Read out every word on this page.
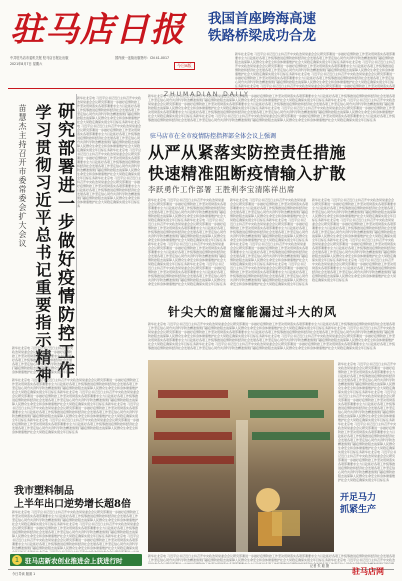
驻马店日报
ZHUMADIAN DAILY
我国首座跨海高速
铁路桥梁成功合龙
中共驻马店市委机关报 驻马店日报社出版
2021年8月7日 星期六
国内统一连续出版物号：CN 41-0017
今日8版
新华社北京电 习近平总书记近日主持召开中央政治局常委会会议研究部署进一步做好疫情防控工作坚决贯彻落实各项部署要求全力以赴抓好各项工作统筹推进疫情防控和经济社会发展各项工作坚定信心同舟共济科学防治精准施策打赢疫情防控阻击战保障人民群众生命安全和身体健康维护社会大局稳定确保实现全年目标任务新华社北京电 习近平总书记近日主持召开中央政治局常委会会议研究部署进一步做好疫情防控工作坚决贯彻落实各项部署要求全力以赴抓好各项工作统筹推进疫情防控和经济社会发展各项工作坚定信心同舟共济科学防治精准施策打赢疫情防控阻击战保障人民群众生命安全和身体健康维护社会大局稳定确保实现全年目标任务新华社北京电 习近平总书记近日主持召开中央政治局常委会会议研究部署进一步做好疫情防控工作坚决贯彻落实各项部署要求全力以赴抓好各项工作统筹推进疫情防控和经济社会发展各项工作坚定信心同舟共济科学防治精准施策打赢疫情防控阻击战保障人民群众生命安全和身体健康维护社会大局稳定确保实现全年目标任务新华社北京电 习近平总书记近日主持召开中央政治局常委会会议研究部署进一步做好疫情防控工作坚决贯彻落实各项部署要求全力以赴抓好各项工作统筹推进疫情防控和经济社会发展各项工作坚定信心同舟共济科学防治精准施策打赢疫情防控阻击战保障人民群众生命安全和身体健康维护社会大局稳定确保实现全年目标任务
研究部署进一步做好疫情防控工作
学习贯彻习近平总书记重要指示精神
苗慧杰主持召开市委常委会扩大会议
新华社北京电 习近平总书记近日主持召开中央政治局常委会会议研究部署进一步做好疫情防控工作坚决贯彻落实各项部署要求全力以赴抓好各项工作统筹推进疫情防控和经济社会发展各项工作坚定信心同舟共济科学防治精准施策打赢疫情防控阻击战保障人民群众生命安全和身体健康维护社会大局稳定确保实现全年目标任务新华社北京电 习近平总书记近日主持召开中央政治局常委会会议研究部署进一步做好疫情防控工作坚决贯彻落实各项部署要求全力以赴抓好各项工作统筹推进疫情防控和经济社会发展各项工作坚定信心同舟共济科学防治精准施策打赢疫情防控阻击战保障人民群众生命安全和身体健康维护社会大局稳定确保实现全年目标任务新华社北京电 习近平总书记近日主持召开中央政治局常委会会议研究部署进一步做好疫情防控工作坚决贯彻落实各项部署要求全力以赴抓好各项工作统筹推进疫情防控和经济社会发展各项工作坚定信心同舟共济科学防治精准施策打赢疫情防控阻击战保障人民群众生命安全和身体健康维护社会大局稳定确保实现全年目标任务新华社北京电 习近平总书记近日主持召开中央政治局常委会会议研究部署进一步做好疫情防控工作坚决贯彻落实各项部署要求全力以赴抓好各项工作统筹推进疫情防控和经济社会发展各项工作坚定信心同舟共济科学防治精准施策打赢疫情防控阻击战保障人民群众生命安全和身体健康维护社会大局稳定确保实现全年目标任务
新华社北京电 习近平总书记近日主持召开中央政治局常委会会议研究部署进一步做好疫情防控工作坚决贯彻落实各项部署要求全力以赴抓好各项工作统筹推进疫情防控和经济社会发展各项工作坚定信心同舟共济科学防治精准施策打赢疫情防控阻击战保障人民群众生命安全和身体健康维护社会大局稳定确保实现全年目标任务新华社北京电 习近平总书记近日主持召开中央政治局常委会会议研究部署进一步做好疫情防控工作坚决贯彻落实各项部署要求全力以赴抓好各项工作统筹推进疫情防控和经济社会发展各项工作坚定信心同舟共济科学防治精准施策打赢疫情防控阻击战保障人民群众生命安全和身体健康维护社会大局稳定确保实现全年目标任务新华社北京电 习近平总书记近日主持召开中央政治局常委会会议研究部署进一步做好疫情防控工作坚决贯彻落实各项部署要求全力以赴抓好各项工作统筹推进疫情防控和经济社会发展各项工作坚定信心同舟共济科学防治精准施策打赢疫情防控阻击战保障人民群众生命安全和身体健康维护社会大局稳定确保实现全年目标任务新华社北京电 习近平总书记近日主持召开中央政治局常委会会议研究部署进一步做好疫情防控工作坚决贯彻落实各项部署要求全力以赴抓好各项工作统筹推进疫情防控和经济社会发展各项工作坚定信心同舟共济科学防治精准施策打赢疫情防控阻击战保障人民群众生命安全和身体健康维护社会大局稳定确保实现全年目标任务
新华社北京电 习近平总书记近日主持召开中央政治局常委会会议研究部署进一步做好疫情防控工作坚决贯彻落实各项部署要求全力以赴抓好各项工作统筹推进疫情防控和经济社会发展各项工作坚定信心同舟共济科学防治精准施策打赢疫情防控阻击战保障人民群众生命安全和身体健康维护社会大局稳定确保实现全年目标任务新华社北京电 习近平总书记近日主持召开中央政治局常委会会议研究部署进一步做好疫情防控工作坚决贯彻落实各项部署要求全力以赴抓好各项工作统筹推进疫情防控和经济社会发展各项工作坚定信心同舟共济科学防治精准施策打赢疫情防控阻击战保障人民群众生命安全和身体健康维护社会大局稳定确保实现全年目标任务新华社北京电 习近平总书记近日主持召开中央政治局常委会会议研究部署进一步做好疫情防控工作坚决贯彻落实各项部署要求全力以赴抓好各项工作统筹推进疫情防控和经济社会发展各项工作坚定信心同舟共济科学防治精准施策打赢疫情防控阻击战保障人民群众生命安全和身体健康维护社会大局稳定确保实现全年目标任务新华社北京电 习近平总书记近日主持召开中央政治局常委会会议研究部署进一步做好疫情防控工作坚决贯彻落实各项部署要求全力以赴抓好各项工作统筹推进疫情防控和经济社会发展各项工作坚定信心同舟共济科学防治精准施策打赢疫情防控阻击战保障人民群众生命安全和身体健康维护社会大局稳定确保实现全年目标任务	驻马店市在全市疫情防控指挥部全体会议上强调
从严从紧落实防控责任措施
快速精准阻断疫情输入扩散
李跃勇作工作部署 王胜利李宝清陈祥出席
新华社北京电 习近平总书记近日主持召开中央政治局常委会会议研究部署进一步做好疫情防控工作坚决贯彻落实各项部署要求全力以赴抓好各项工作统筹推进疫情防控和经济社会发展各项工作坚定信心同舟共济科学防治精准施策打赢疫情防控阻击战保障人民群众生命安全和身体健康维护社会大局稳定确保实现全年目标任务新华社北京电 习近平总书记近日主持召开中央政治局常委会会议研究部署进一步做好疫情防控工作坚决贯彻落实各项部署要求全力以赴抓好各项工作统筹推进疫情防控和经济社会发展各项工作坚定信心同舟共济科学防治精准施策打赢疫情防控阻击战保障人民群众生命安全和身体健康维护社会大局稳定确保实现全年目标任务新华社北京电 习近平总书记近日主持召开中央政治局常委会会议研究部署进一步做好疫情防控工作坚决贯彻落实各项部署要求全力以赴抓好各项工作统筹推进疫情防控和经济社会发展各项工作坚定信心同舟共济科学防治精准施策打赢疫情防控阻击战保障人民群众生命安全和身体健康维护社会大局稳定确保实现全年目标任务新华社北京电 习近平总书记近日主持召开中央政治局常委会会议研究部署进一步做好疫情防控工作坚决贯彻落实各项部署要求全力以赴抓好各项工作统筹推进疫情防控和经济社会发展各项工作坚定信心同舟共济科学防治精准施策打赢疫情防控阻击战保障人民群众生命安全和身体健康维护社会大局稳定确保实现全年目标任务
新华社北京电 习近平总书记近日主持召开中央政治局常委会会议研究部署进一步做好疫情防控工作坚决贯彻落实各项部署要求全力以赴抓好各项工作统筹推进疫情防控和经济社会发展各项工作坚定信心同舟共济科学防治精准施策打赢疫情防控阻击战保障人民群众生命安全和身体健康维护社会大局稳定确保实现全年目标任务新华社北京电 习近平总书记近日主持召开中央政治局常委会会议研究部署进一步做好疫情防控工作坚决贯彻落实各项部署要求全力以赴抓好各项工作统筹推进疫情防控和经济社会发展各项工作坚定信心同舟共济科学防治精准施策打赢疫情防控阻击战保障人民群众生命安全和身体健康维护社会大局稳定确保实现全年目标任务新华社北京电 习近平总书记近日主持召开中央政治局常委会会议研究部署进一步做好疫情防控工作坚决贯彻落实各项部署要求全力以赴抓好各项工作统筹推进疫情防控和经济社会发展各项工作坚定信心同舟共济科学防治精准施策打赢疫情防控阻击战保障人民群众生命安全和身体健康维护社会大局稳定确保实现全年目标任务新华社北京电 习近平总书记近日主持召开中央政治局常委会会议研究部署进一步做好疫情防控工作坚决贯彻落实各项部署要求全力以赴抓好各项工作统筹推进疫情防控和经济社会发展各项工作坚定信心同舟共济科学防治精准施策打赢疫情防控阻击战保障人民群众生命安全和身体健康维护社会大局稳定确保实现全年目标任务
新华社北京电 习近平总书记近日主持召开中央政治局常委会会议研究部署进一步做好疫情防控工作坚决贯彻落实各项部署要求全力以赴抓好各项工作统筹推进疫情防控和经济社会发展各项工作坚定信心同舟共济科学防治精准施策打赢疫情防控阻击战保障人民群众生命安全和身体健康维护社会大局稳定确保实现全年目标任务新华社北京电 习近平总书记近日主持召开中央政治局常委会会议研究部署进一步做好疫情防控工作坚决贯彻落实各项部署要求全力以赴抓好各项工作统筹推进疫情防控和经济社会发展各项工作坚定信心同舟共济科学防治精准施策打赢疫情防控阻击战保障人民群众生命安全和身体健康维护社会大局稳定确保实现全年目标任务新华社北京电 习近平总书记近日主持召开中央政治局常委会会议研究部署进一步做好疫情防控工作坚决贯彻落实各项部署要求全力以赴抓好各项工作统筹推进疫情防控和经济社会发展各项工作坚定信心同舟共济科学防治精准施策打赢疫情防控阻击战保障人民群众生命安全和身体健康维护社会大局稳定确保实现全年目标任务新华社北京电 习近平总书记近日主持召开中央政治局常委会会议研究部署进一步做好疫情防控工作坚决贯彻落实各项部署要求全力以赴抓好各项工作统筹推进疫情防控和经济社会发展各项工作坚定信心同舟共济科学防治精准施策打赢疫情防控阻击战保障人民群众生命安全和身体健康维护社会大局稳定确保实现全年目标任务
针尖大的窟窿能漏过斗大的风
新华社北京电 习近平总书记近日主持召开中央政治局常委会会议研究部署进一步做好疫情防控工作坚决贯彻落实各项部署要求全力以赴抓好各项工作统筹推进疫情防控和经济社会发展各项工作坚定信心同舟共济科学防治精准施策打赢疫情防控阻击战保障人民群众生命安全和身体健康维护社会大局稳定确保实现全年目标任务新华社北京电 习近平总书记近日主持召开中央政治局常委会会议研究部署进一步做好疫情防控工作坚决贯彻落实各项部署要求全力以赴抓好各项工作统筹推进疫情防控和经济社会发展各项工作坚定信心同舟共济科学防治精准施策打赢疫情防控阻击战保障人民群众生命安全和身体健康维护社会大局稳定确保实现全年目标任务新华社北京电 习近平总书记近日主持召开中央政治局常委会会议研究部署进一步做好疫情防控工作坚决贯彻落实各项部署要求全力以赴抓好各项工作统筹推进疫情防控和经济社会发展各项工作坚定信心同舟共济科学防治精准施策打赢疫情防控阻击战保障人民群众生命安全和身体健康维护社会大局稳定确保实现全年目标任务新华社北京电 习近平总书记近日主持召开中央政治局常委会会议研究部署进一步做好疫情防控工作坚决贯彻落实各项部署要求全力以赴抓好各项工作统筹推进疫情防控和经济社会发展各项工作坚定信心同舟共济科学防治精准施策打赢疫情防控阻击战保障人民群众生命安全和身体健康维护社会大局稳定确保实现全年目标任务
新华社北京电 习近平总书记近日主持召开中央政治局常委会会议研究部署进一步做好疫情防控工作坚决贯彻落实各项部署要求全力以赴抓好各项工作统筹推进疫情防控和经济社会发展各项工作坚定信心同舟共济科学防治精准施策打赢疫情防控阻击战保障人民群众生命安全和身体健康维护社会大局稳定确保实现全年目标任务新华社北京电 习近平总书记近日主持召开中央政治局常委会会议研究部署进一步做好疫情防控工作坚决贯彻落实各项部署要求全力以赴抓好各项工作统筹推进疫情防控和经济社会发展各项工作坚定信心同舟共济科学防治精准施策打赢疫情防控阻击战保障人民群众生命安全和身体健康维护社会大局稳定确保实现全年目标任务新华社北京电 习近平总书记近日主持召开中央政治局常委会会议研究部署进一步做好疫情防控工作坚决贯彻落实各项部署要求全力以赴抓好各项工作统筹推进疫情防控和经济社会发展各项工作坚定信心同舟共济科学防治精准施策打赢疫情防控阻击战保障人民群众生命安全和身体健康维护社会大局稳定确保实现全年目标任务新华社北京电 习近平总书记近日主持召开中央政治局常委会会议研究部署进一步做好疫情防控工作坚决贯彻落实各项部署要求全力以赴抓好各项工作统筹推进疫情防控和经济社会发展各项工作坚定信心同舟共济科学防治精准施策打赢疫情防控阻击战保障人民群众生命安全和身体健康维护社会大局稳定确保实现全年目标任务
开足马力
抓紧生产
新华社北京电 习近平总书记近日主持召开中央政治局常委会会议研究部署进一步做好疫情防控工作坚决贯彻落实各项部署要求全力以赴抓好各项工作统筹推进疫情防控和经济社会发展各项工作坚定信心同舟共济科学防治精准施策打赢疫情防控阻击战保障人民群众生命安全和身体健康维护社会大局稳定确保实现全年目标任务新华社北京电 习近平总书记近日主持召开中央政治局常委会会议研究部署进一步做好疫情防控工作坚决贯彻落实各项部署要求全力以赴抓好各项工作统筹推进疫情防控和经济社会发展各项工作坚定信心同舟共济科学防治精准施策打赢疫情防控阻击战保障人民群众生命安全和身体健康维护社会大局稳定确保实现全年目标任务新华社北京电 习近平总书记近日主持召开中央政治局常委会会议研究部署进一步做好疫情防控工作坚决贯彻落实各项部署要求全力以赴抓好各项工作统筹推进疫情防控和经济社会发展各项工作坚定信心同舟共济科学防治精准施策打赢疫情防控阻击战保障人民群众生命安全和身体健康维护社会大局稳定确保实现全年目标任务新华社北京电 习近平总书记近日主持召开中央政治局常委会会议研究部署进一步做好疫情防控工作坚决贯彻落实各项部署要求全力以赴抓好各项工作统筹推进疫情防控和经济社会发展各项工作坚定信心同舟共济科学防治精准施策打赢疫情防控阻击战保障人民群众生命安全和身体健康维护社会大局稳定确保实现全年目标任务
我市塑料制品
上半年出口逆势增长超8倍
新华社北京电 习近平总书记近日主持召开中央政治局常委会会议研究部署进一步做好疫情防控工作坚决贯彻落实各项部署要求全力以赴抓好各项工作统筹推进疫情防控和经济社会发展各项工作坚定信心同舟共济科学防治精准施策打赢疫情防控阻击战保障人民群众生命安全和身体健康维护社会大局稳定确保实现全年目标任务新华社北京电 习近平总书记近日主持召开中央政治局常委会会议研究部署进一步做好疫情防控工作坚决贯彻落实各项部署要求全力以赴抓好各项工作统筹推进疫情防控和经济社会发展各项工作坚定信心同舟共济科学防治精准施策打赢疫情防控阻击战保障人民群众生命安全和身体健康维护社会大局稳定确保实现全年目标任务新华社北京电 习近平总书记近日主持召开中央政治局常委会会议研究部署进一步做好疫情防控工作坚决贯彻落实各项部署要求全力以赴抓好各项工作统筹推进疫情防控和经济社会发展各项工作坚定信心同舟共济科学防治精准施策打赢疫情防控阻击战保障人民群众生命安全和身体健康维护社会大局稳定确保实现全年目标任务新华社北京电 习近平总书记近日主持召开中央政治局常委会会议研究部署进一步做好疫情防控工作坚决贯彻落实各项部署要求全力以赴抓好各项工作统筹推进疫情防控和经济社会发展各项工作坚定信心同舟共济科学防治精准施策打赢疫情防控阻击战保障人民群众生命安全和身体健康维护社会大局稳定确保实现全年目标任务
新华社北京电 习近平总书记近日主持召开中央政治局常委会会议研究部署进一步做好疫情防控工作坚决贯彻落实各项部署要求全力以赴抓好各项工作统筹推进疫情防控和经济社会发展各项工作坚定信心同舟共济科学防治精准施策打赢疫情防控阻击战保障人民群众生命安全和身体健康维护社会大局稳定确保实现全年目标任务新华社北京电 习近平总书记近日主持召开中央政治局常委会会议研究部署进一步做好疫情防控工作坚决贯彻落实各项部署要求全力以赴抓好各项工作统筹推进疫情防控和经济社会发展各项工作坚定信心同舟共济科学防治精准施策打赢疫情防控阻击战保障人民群众生命安全和身体健康维护社会大局稳定确保实现全年目标任务新华社北京电 习近平总书记近日主持召开中央政治局常委会会议研究部署进一步做好疫情防控工作坚决贯彻落实各项部署要求全力以赴抓好各项工作统筹推进疫情防控和经济社会发展各项工作坚定信心同舟共济科学防治精准施策打赢疫情防控阻击战保障人民群众生命安全和身体健康维护社会大局稳定确保实现全年目标任务新华社北京电 习近平总书记近日主持召开中央政治局常委会会议研究部署进一步做好疫情防控工作坚决贯彻落实各项部署要求全力以赴抓好各项工作统筹推进疫情防控和经济社会发展各项工作坚定信心同舟共济科学防治精准施策打赢疫情防控阻击战保障人民群众生命安全和身体健康维护社会大局稳定确保实现全年目标任务
记者 朱 聪 摄
1 驻马店新农创业推进会上获进行时
今日导读 版面 1	驻马店网
